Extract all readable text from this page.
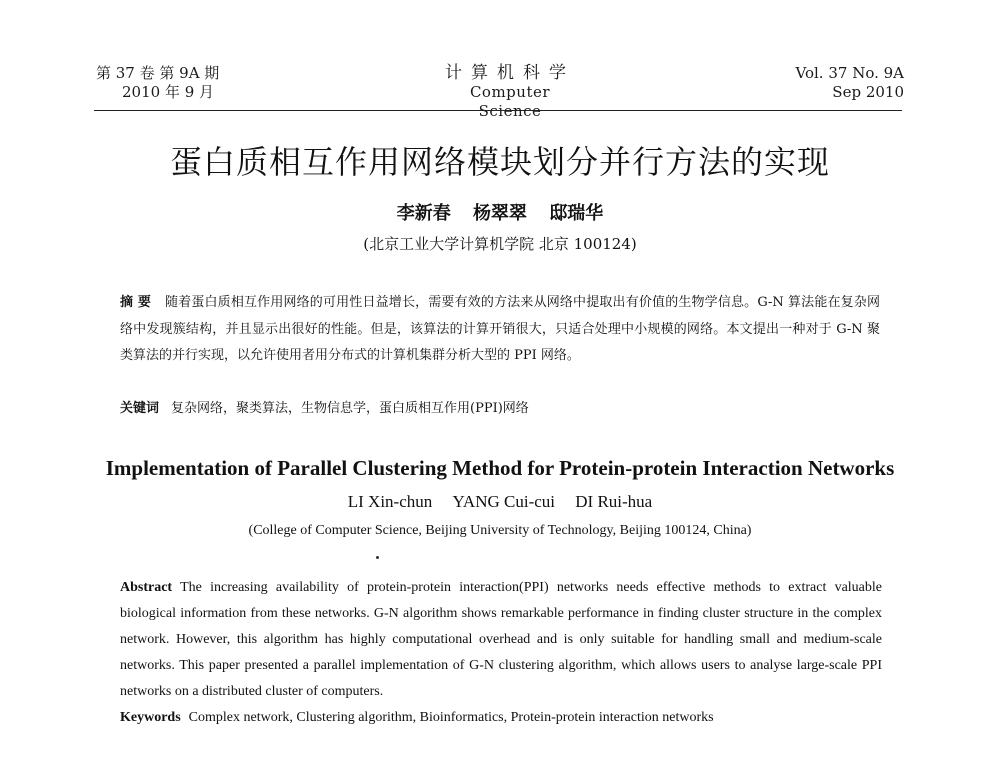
第 37 卷 第 9A 期
2010 年 9 月
计算机科学
Computer Science
Vol. 37 No. 9A
Sep 2010
蛋白质相互作用网络模块划分并行方法的实现
李新春 杨翠翠 邸瑞华
(北京工业大学计算机学院 北京 100124)
摘 要 随着蛋白质相互作用网络的可用性日益增长，需要有效的方法来从网络中提取出有价值的生物学信息。G-N 算法能在复杂网络中发现簇结构，并且显示出很好的性能。但是，该算法的计算开销很大，只适合处理中小规模的网络。本文提出一种对于 G-N 聚类算法的并行实现，以允许使用者用分布式的计算机集群分析大型的 PPI 网络。
关键词 复杂网络，聚类算法，生物信息学，蛋白质相互作用(PPI)网络
Implementation of Parallel Clustering Method for Protein-protein Interaction Networks
LI Xin-chun YANG Cui-cui DI Rui-hua
(College of Computer Science, Beijing University of Technology, Beijing 100124, China)
Abstract The increasing availability of protein-protein interaction(PPI) networks needs effective methods to extract valuable biological information from these networks. G-N algorithm shows remarkable performance in finding cluster structure in the complex network. However, this algorithm has highly computational overhead and is only suitable for handling small and medium-scale networks. This paper presented a parallel implementation of G-N clustering algorithm, which allows users to analyse large-scale PPI networks on a distributed cluster of computers.
Keywords Complex network, Clustering algorithm, Bioinformatics, Protein-protein interaction networks
